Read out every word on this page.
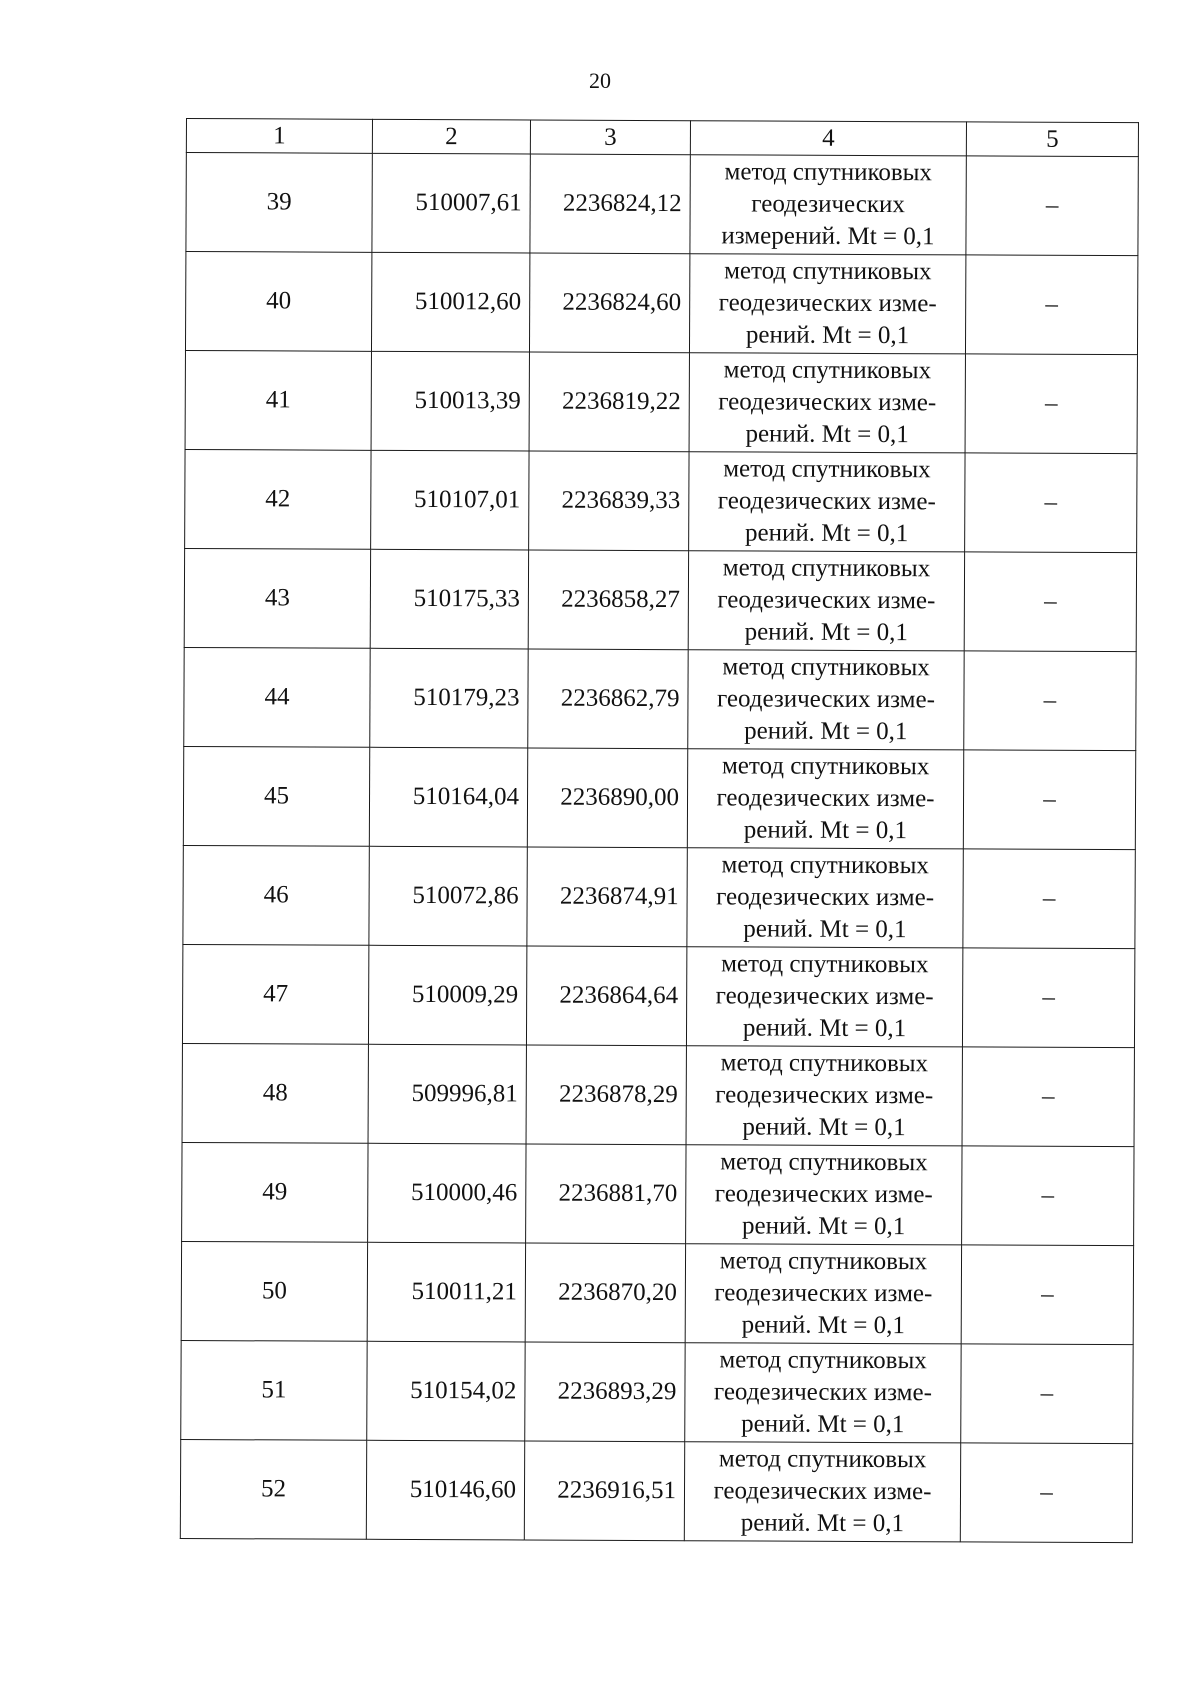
20
1	2	3	4	5
39	510007,61	2236824,12	метод спутниковых
геодезических
измерений. Mt = 0,1	–
40	510012,60	2236824,60	метод спутниковых
геодезических изме-
рений. Mt = 0,1	–
41	510013,39	2236819,22	метод спутниковых
геодезических изме-
рений. Mt = 0,1	–
42	510107,01	2236839,33	метод спутниковых
геодезических изме-
рений. Mt = 0,1	–
43	510175,33	2236858,27	метод спутниковых
геодезических изме-
рений. Mt = 0,1	–
44	510179,23	2236862,79	метод спутниковых
геодезических изме-
рений. Mt = 0,1	–
45	510164,04	2236890,00	метод спутниковых
геодезических изме-
рений. Mt = 0,1	–
46	510072,86	2236874,91	метод спутниковых
геодезических изме-
рений. Mt = 0,1	–
47	510009,29	2236864,64	метод спутниковых
геодезических изме-
рений. Mt = 0,1	–
48	509996,81	2236878,29	метод спутниковых
геодезических изме-
рений. Mt = 0,1	–
49	510000,46	2236881,70	метод спутниковых
геодезических изме-
рений. Mt = 0,1	–
50	510011,21	2236870,20	метод спутниковых
геодезических изме-
рений. Mt = 0,1	–
51	510154,02	2236893,29	метод спутниковых
геодезических изме-
рений. Mt = 0,1	–
52	510146,60	2236916,51	метод спутниковых
геодезических изме-
рений. Mt = 0,1	–
